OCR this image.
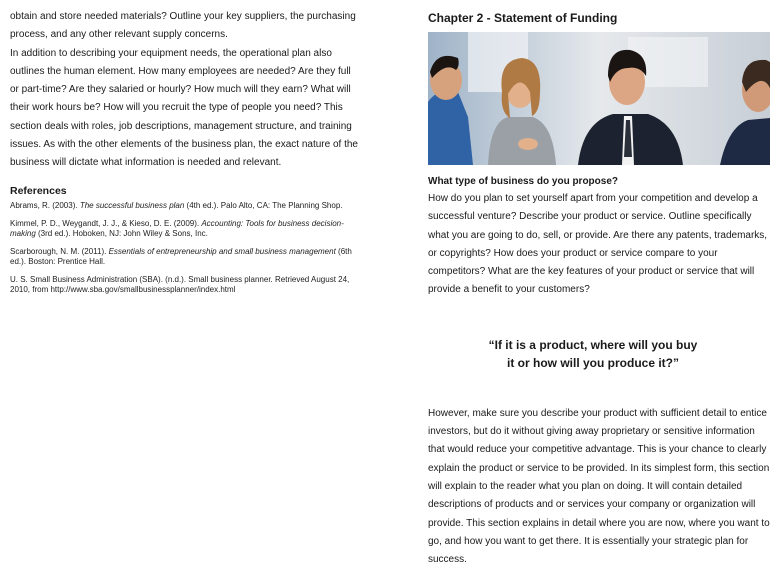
obtain and store needed materials? Outline your key suppliers, the purchasing process, and any other relevant supply concerns.

In addition to describing your equipment needs, the operational plan also outlines the human element. How many employees are needed? Are they full or part-time? Are they salaried or hourly? How much will they earn? What will their work hours be? How will you recruit the type of people you need? This section deals with roles, job descriptions, management structure, and training issues. As with the other elements of the business plan, the exact nature of the business will dictate what information is needed and relevant.

References

Abrams, R. (2003). The successful business plan (4th ed.). Palo Alto, CA: The Planning Shop.

Kimmel, P. D., Weygandt, J. J., & Kieso, D. E. (2009). Accounting: Tools for business decision-making (3rd ed.). Hoboken, NJ: John Wiley & Sons, Inc.

Scarborough, N. M. (2011). Essentials of entrepreneurship and small business management (6th ed.). Boston: Prentice Hall.

U. S. Small Business Administration (SBA). (n.d.). Small business planner. Retrieved August 24, 2010, from http://www.sba.gov/smallbusinessplanner/index.html

Chapter 2 - Statement of Funding
What type of business do you propose?

How do you plan to set yourself apart from your competition and develop a successful venture? Describe your product or service. Outline specifically what you are going to do, sell, or provide. Are there any patents, trademarks, or copyrights? How does your product or service compare to your competitors? What are the key features of your product or service that will provide a benefit to your customers?

“If it is a product, where will you buy
it or how will you produce it?”

However, make sure you describe your product with sufficient detail to entice investors, but do it without giving away proprietary or sensitive information that would reduce your competitive advantage. This is your chance to clearly explain the product or service to be provided. In its simplest form, this section will explain to the reader what you plan on doing. It will contain detailed descriptions of products and or services your company or organization will provide. This section explains in detail where you are now, where you want to go, and how you want to get there. It is essentially your strategic plan for success.
